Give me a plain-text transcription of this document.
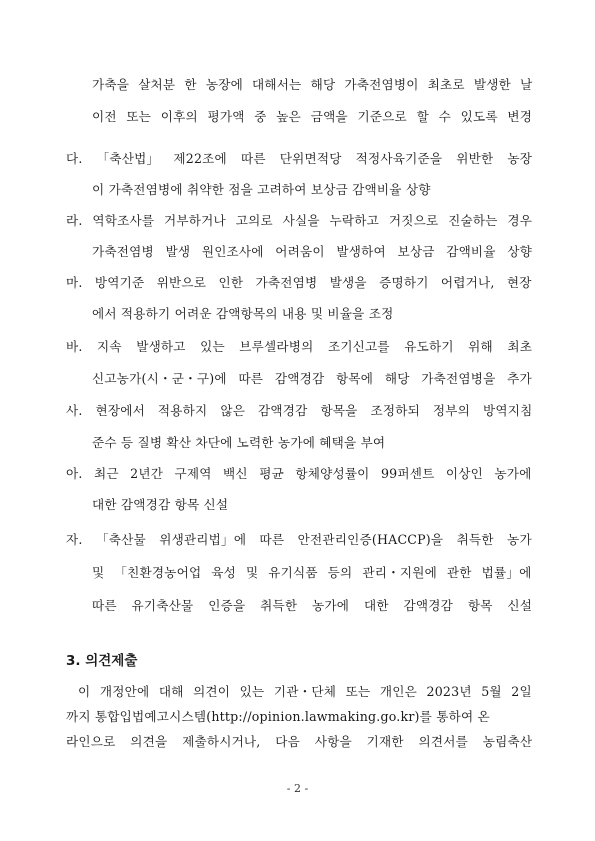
가축을 살처분 한 농장에 대해서는 해당 가축전염병이 최초로 발생한 날
이전 또는 이후의 평가액 중 높은 금액을 기준으로 할 수 있도록 변경
다. 「축산법」 제22조에 따른 단위면적당 적정사육기준을 위반한 농장
이 가축전염병에 취약한 점을 고려하여 보상금 감액비율 상향
라. 역학조사를 거부하거나 고의로 사실을 누락하고 거짓으로 진술하는 경우
가축전염병 발생 원인조사에 어려움이 발생하여 보상금 감액비율 상향
마. 방역기준 위반으로 인한 가축전염병 발생을 증명하기 어렵거나, 현장
에서 적용하기 어려운 감액항목의 내용 및 비율을 조정
바. 지속 발생하고 있는 브루셀라병의 조기신고를 유도하기 위해 최초
신고농가(시・군・구)에 따른 감액경감 항목에 해당 가축전염병을 추가
사. 현장에서 적용하지 않은 감액경감 항목을 조정하되 정부의 방역지침
준수 등 질병 확산 차단에 노력한 농가에 혜택을 부여
아. 최근 2년간 구제역 백신 평균 항체양성률이 99퍼센트 이상인 농가에
대한 감액경감 항목 신설
자. 「축산물 위생관리법」에 따른 안전관리인증(HACCP)을 취득한 농가
및 「친환경농어업 육성 및 유기식품 등의 관리・지원에 관한 법률」에
따른 유기축산물 인증을 취득한 농가에 대한 감액경감 항목 신설
3. 의견제출
이 개정안에 대해 의견이 있는 기관・단체 또는 개인은 2023년 5월 2일
까지 통합입법예고시스템(http://opinion.lawmaking.go.kr)를 통하여 온
라인으로 의견을 제출하시거나, 다음 사항을 기재한 의견서를 농림축산
- 2 -
